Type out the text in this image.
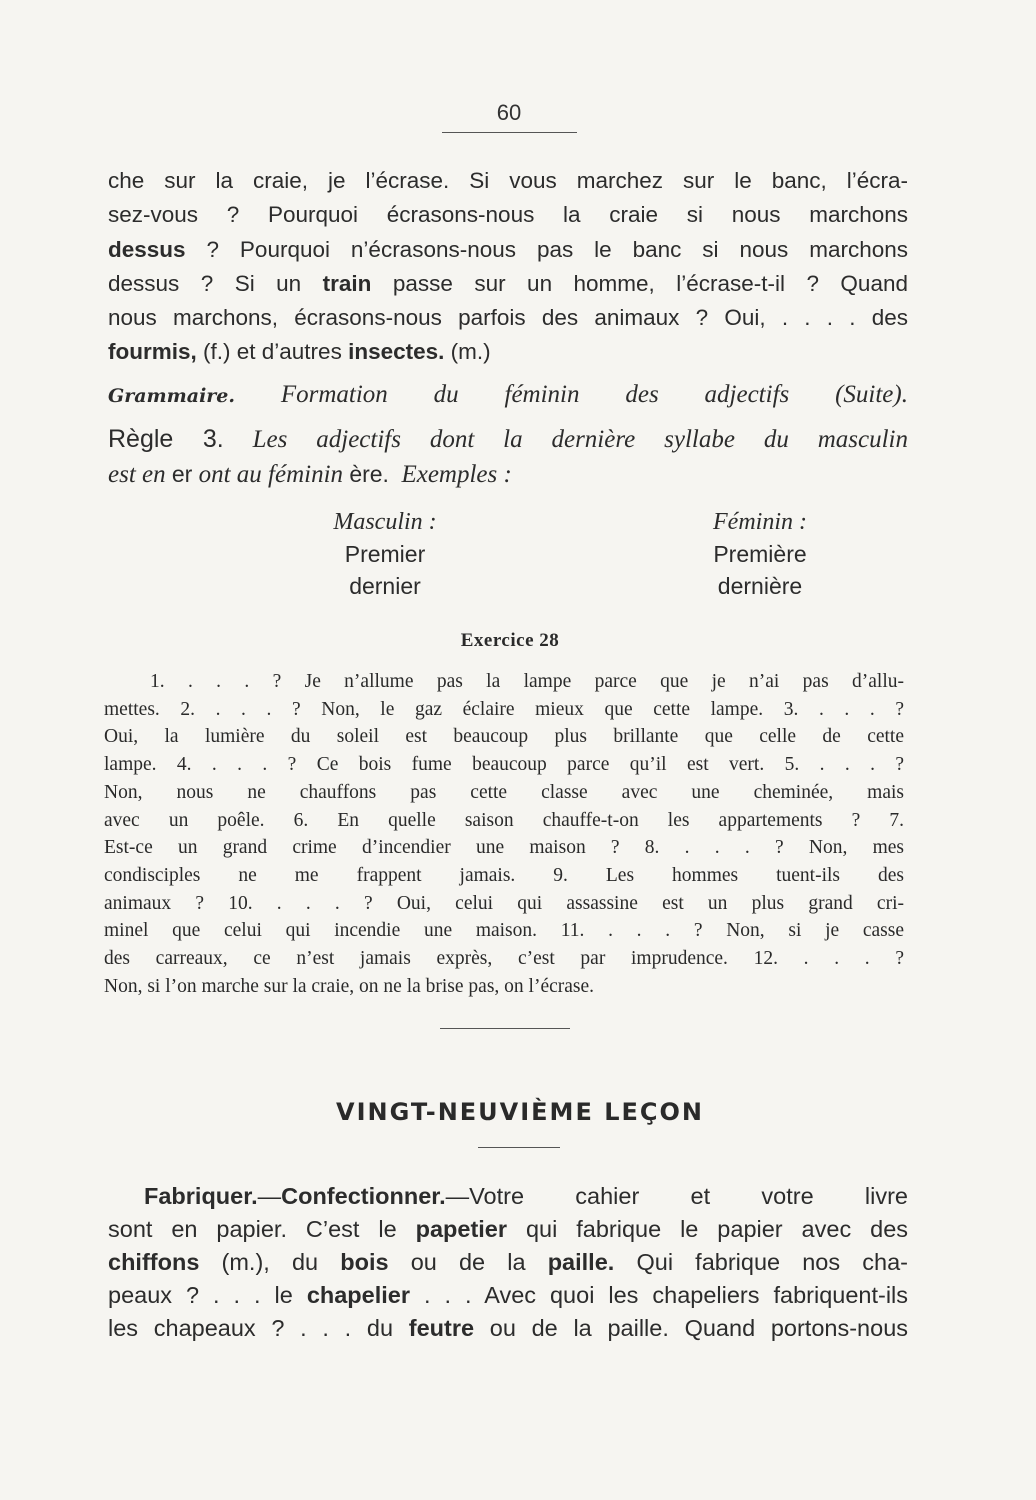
60
che sur la craie, je l’écrase. Si vous marchez sur le banc, l’écra-
sez-vous ? Pourquoi écrasons-nous la craie si nous marchons
dessus ? Pourquoi n’écrasons-nous pas le banc si nous marchons
dessus ? Si un train passe sur un homme, l’écrase-t-il ? Quand
nous marchons, écrasons-nous parfois des animaux ? Oui, . . . . des
fourmis, (f.) et d’autres insectes. (m.)
Grammaire. Formation du féminin des adjectifs (Suite).
Règle 3. Les adjectifs dont la dernière syllabe du masculin
est en er ont au féminin ère. Exemples :
Masculin :
Premier
dernier
Féminin :
Première
dernière
Exercice 28
1. . . . ? Je n’allume pas la lampe parce que je n’ai pas d’allu-
mettes. 2. . . . ? Non, le gaz éclaire mieux que cette lampe. 3. . . . ?
Oui, la lumière du soleil est beaucoup plus brillante que celle de cette
lampe. 4. . . . ? Ce bois fume beaucoup parce qu’il est vert. 5. . . . ?
Non, nous ne chauffons pas cette classe avec une cheminée, mais
avec un poêle. 6. En quelle saison chauffe-t-on les appartements ? 7.
Est-ce un grand crime d’incendier une maison ? 8. . . . ? Non, mes
condisciples ne me frappent jamais. 9. Les hommes tuent-ils des
animaux ? 10. . . . ? Oui, celui qui assassine est un plus grand cri-
minel que celui qui incendie une maison. 11. . . . ? Non, si je casse
des carreaux, ce n’est jamais exprès, c’est par imprudence. 12. . . . ?
Non, si l’on marche sur la craie, on ne la brise pas, on l’écrase.
VINGT-NEUVIÈME LEÇON
Fabriquer.—Confectionner.—Votre cahier et votre livre
sont en papier. C’est le papetier qui fabrique le papier avec des
chiffons (m.), du bois ou de la paille. Qui fabrique nos cha-
peaux ? . . . le chapelier . . . Avec quoi les chapeliers fabriquent-ils
les chapeaux ? . . . du feutre ou de la paille. Quand portons-nous
